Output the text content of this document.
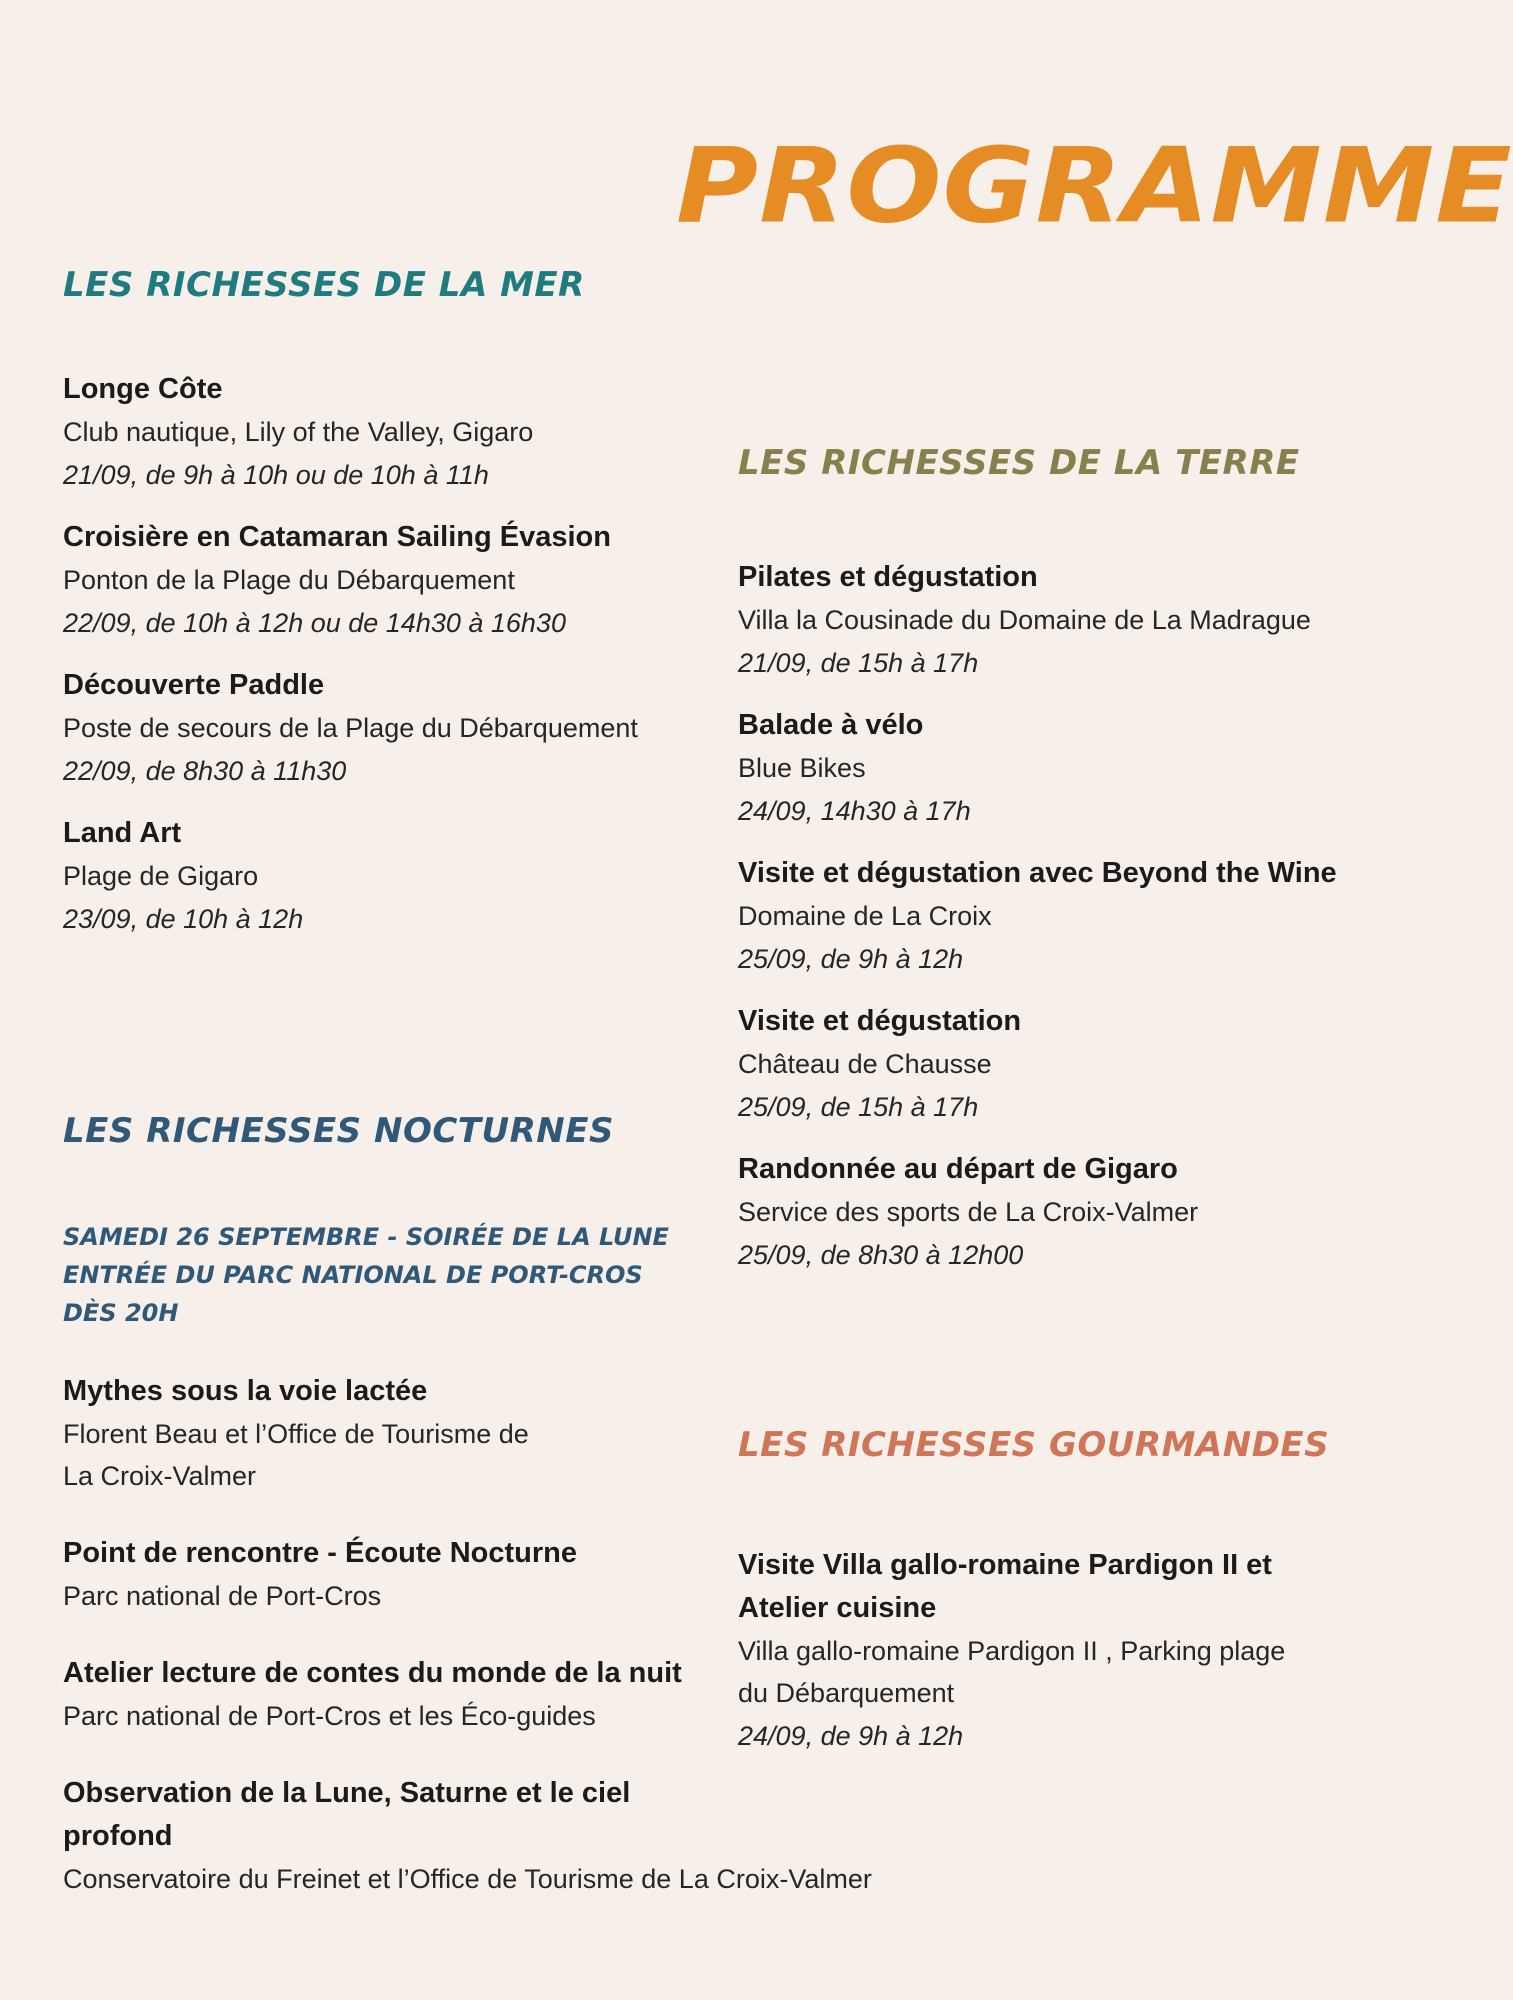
PROGRAMME
LES RICHESSES DE LA MER
Longe Côte
Club nautique, Lily of the Valley, Gigaro
21/09, de 9h à 10h ou de 10h à 11h
Croisière en Catamaran Sailing Évasion
Ponton de la Plage du Débarquement
22/09, de 10h à 12h ou de 14h30 à 16h30
Découverte Paddle
Poste de secours de la Plage du Débarquement
22/09, de 8h30 à 11h30
Land Art
Plage de Gigaro
23/09, de 10h à 12h
LES RICHESSES DE LA TERRE
Pilates et dégustation
Villa la Cousinade du Domaine de La Madrague
21/09, de 15h à 17h
Balade à vélo
Blue Bikes
24/09, 14h30 à 17h
Visite et dégustation avec Beyond the Wine
Domaine de La Croix
25/09, de 9h à 12h
Visite et dégustation
Château de Chausse
25/09, de 15h à 17h
Randonnée au départ de Gigaro
Service des sports de La Croix-Valmer
25/09, de 8h30 à 12h00
LES RICHESSES NOCTURNES
SAMEDI 26 SEPTEMBRE - SOIRÉE DE LA LUNE
ENTRÉE DU PARC NATIONAL DE PORT-CROS
DÈS 20H
Mythes sous la voie lactée
Florent Beau et l’Office de Tourisme de
La Croix-Valmer
Point de rencontre - Écoute Nocturne
Parc national de Port-Cros
Atelier lecture de contes du monde de la nuit
Parc national de Port-Cros et les Éco-guides
Observation de la Lune, Saturne et le ciel
profond
Conservatoire du Freinet et l’Office de Tourisme de La Croix-Valmer
LES RICHESSES GOURMANDES
Visite Villa gallo-romaine Pardigon II et
Atelier cuisine
Villa gallo-romaine Pardigon II , Parking plage
du Débarquement
24/09, de 9h à 12h
